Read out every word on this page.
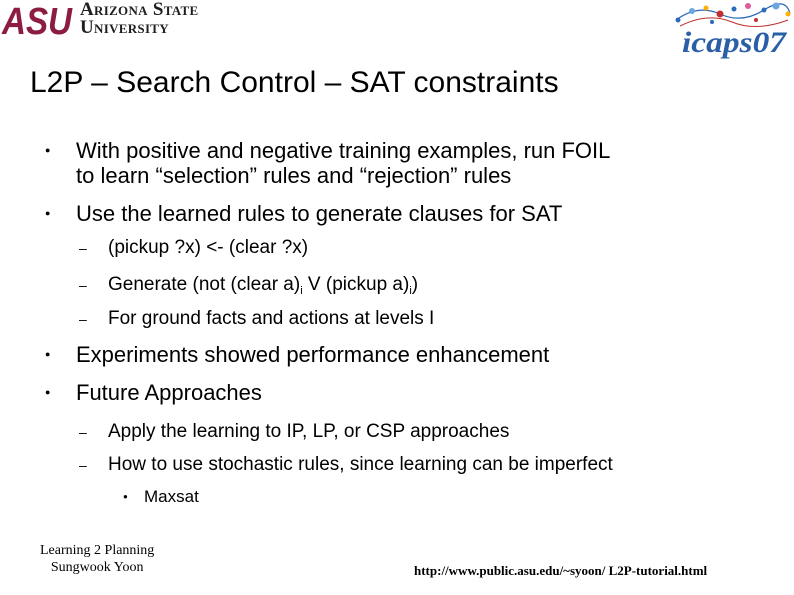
ASU Arizona State
University	icaps07
L2P – Search Control – SAT constraints
● With positive and negative training examples, run FOIL
to learn “selection” rules and “rejection” rules
● Use the learned rules to generate clauses for SAT
– (pickup ?x) <- (clear ?x)
– Generate (not (clear $a)_i$ V (pickup $a)_i$)
– For ground facts and actions at levels I
● Experiments showed performance enhancement
● Future Approaches
– Apply the learning to IP, LP, or CSP approaches
– How to use stochastic rules, since learning can be imperfect
● Maxsat
Learning 2 Planning
Sungwook Yoon	http://www.public.asu.edu/~syoon/ L2P-tutorial.html
